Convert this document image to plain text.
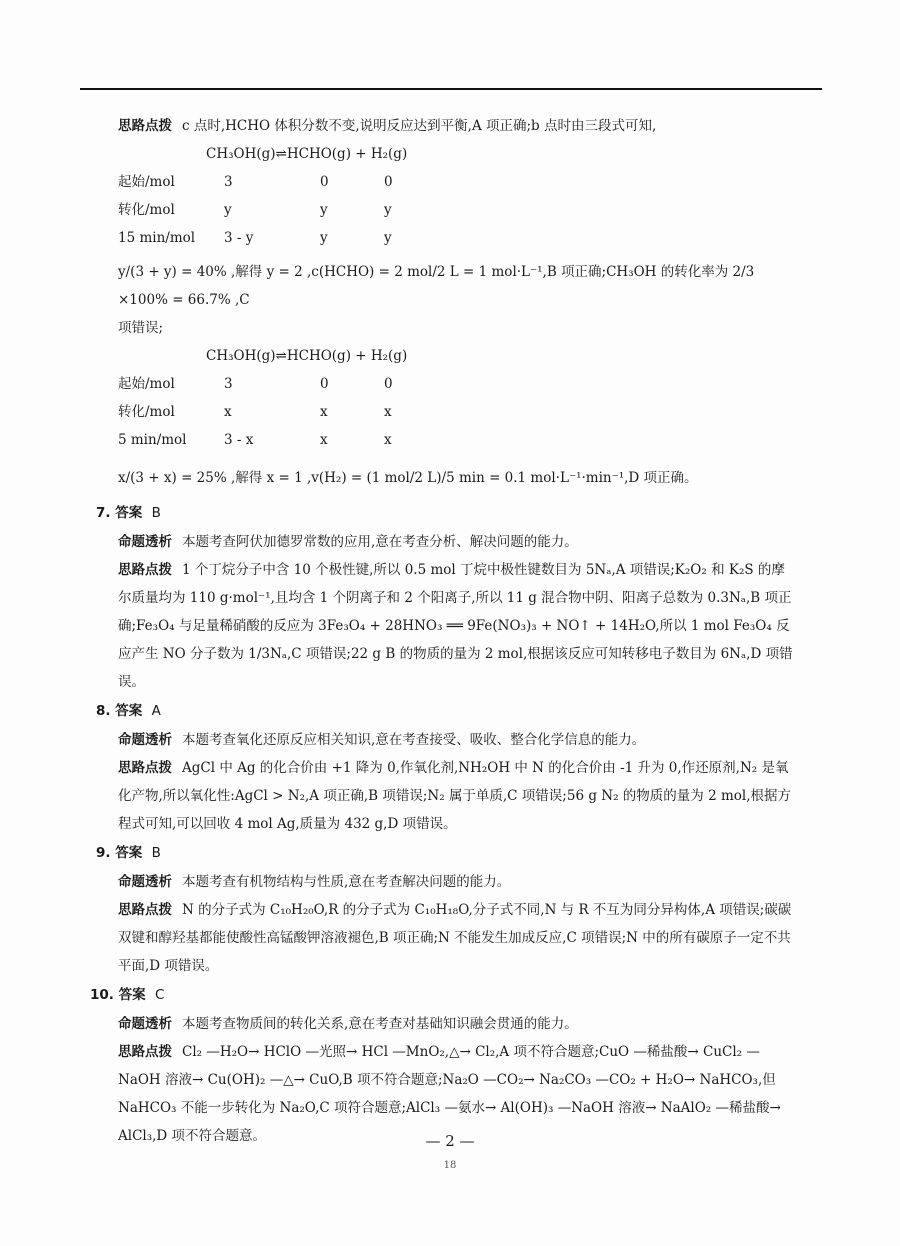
思路点拨 c 点时,HCHO 体积分数不变,说明反应达到平衡,A 项正确;b 点时由三段式可知,

CH₃OH(g)⇌HCHO(g) + H₂(g)
起始/mol	3	0	0
转化/mol	y	y	y
15 min/mol	3 - y	y	y

y/(3 + y) = 40% ,解得 y = 2 ,c(HCHO) = 2 mol/2 L = 1 mol·L⁻¹,B 项正确;CH₃OH 的转化率为 2/3 ×100% = 66.7% ,C

项错误;

CH₃OH(g)⇌HCHO(g) + H₂(g)
起始/mol	3	0	0
转化/mol	x	x	x
5 min/mol	3 - x	x	x

x/(3 + x) = 25% ,解得 x = 1 ,v(H₂) = (1 mol/2 L)/5 min = 0.1 mol·L⁻¹·min⁻¹,D 项正确。

7. 答案 B

命题透析 本题考查阿伏加德罗常数的应用,意在考查分析、解决问题的能力。

思路点拨 1 个丁烷分子中含 10 个极性键,所以 0.5 mol 丁烷中极性键数目为 5Nₐ,A 项错误;K₂O₂ 和 K₂S 的摩尔质量均为 110 g·mol⁻¹,且均含 1 个阴离子和 2 个阳离子,所以 11 g 混合物中阴、阳离子总数为 0.3Nₐ,B 项正确;Fe₃O₄ 与足量稀硝酸的反应为 3Fe₃O₄ + 28HNO₃ ══ 9Fe(NO₃)₃ + NO↑ + 14H₂O,所以 1 mol Fe₃O₄ 反应产生 NO 分子数为 1/3Nₐ,C 项错误;22 g B 的物质的量为 2 mol,根据该反应可知转移电子数目为 6Nₐ,D 项错误。

8. 答案 A

命题透析 本题考查氧化还原反应相关知识,意在考查接受、吸收、整合化学信息的能力。

思路点拨 AgCl 中 Ag 的化合价由 +1 降为 0,作氧化剂,NH₂OH 中 N 的化合价由 -1 升为 0,作还原剂,N₂ 是氧化产物,所以氧化性:AgCl > N₂,A 项正确,B 项错误;N₂ 属于单质,C 项错误;56 g N₂ 的物质的量为 2 mol,根据方程式可知,可以回收 4 mol Ag,质量为 432 g,D 项错误。

9. 答案 B

命题透析 本题考查有机物结构与性质,意在考查解决问题的能力。

思路点拨 N 的分子式为 C₁₀H₂₀O,R 的分子式为 C₁₀H₁₈O,分子式不同,N 与 R 不互为同分异构体,A 项错误;碳碳双键和醇羟基都能使酸性高锰酸钾溶液褪色,B 项正确;N 不能发生加成反应,C 项错误;N 中的所有碳原子一定不共平面,D 项错误。

10. 答案 C

命题透析 本题考查物质间的转化关系,意在考查对基础知识融会贯通的能力。

思路点拨 Cl₂ —H₂O→ HClO —光照→ HCl —MnO₂,△→ Cl₂,A 项不符合题意;CuO —稀盐酸→ CuCl₂ —NaOH 溶液→ Cu(OH)₂ —△→ CuO,B 项不符合题意;Na₂O —CO₂→ Na₂CO₃ —CO₂ + H₂O→ NaHCO₃,但 NaHCO₃ 不能一步转化为 Na₂O,C 项符合题意;AlCl₃ —氨水→ Al(OH)₃ —NaOH 溶液→ NaAlO₂ —稀盐酸→ AlCl₃,D 项不符合题意。	— 2 —
18
